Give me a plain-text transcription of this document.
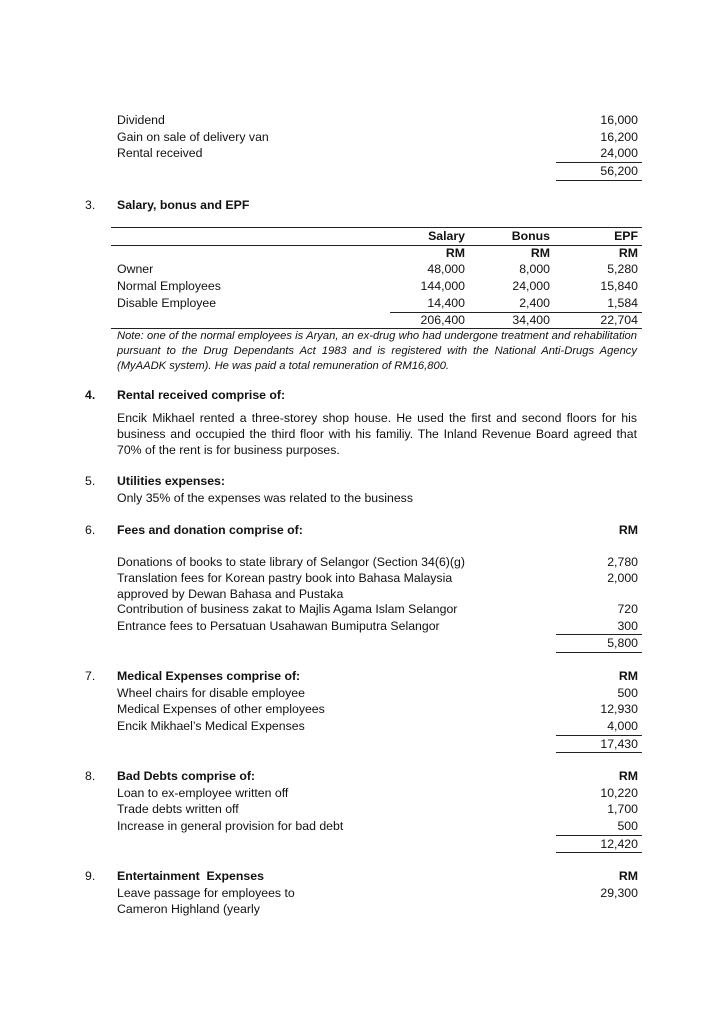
Dividend	16,000
Gain on sale of delivery van	16,200
Rental received	24,000
56,200
3. Salary, bonus and EPF
Salary	Bonus	EPF
RM	RM	RM
Owner	48,000	8,000	5,280
Normal Employees	144,000	24,000	15,840
Disable Employee	14,400	2,400	1,584
206,400	34,400	22,704
Note: one of the normal employees is Aryan, an ex-drug who had undergone treatment and rehabilitation pursuant to the Drug Dependants Act 1983 and is registered with the National Anti-Drugs Agency (MyAADK system). He was paid a total remuneration of RM16,800.
4. Rental received comprise of:
Encik Mikhael rented a three-storey shop house. He used the first and second floors for his business and occupied the third floor with his familiy. The Inland Revenue Board agreed that 70% of the rent is for business purposes.
5. Utilities expenses:
Only 35% of the expenses was related to the business
6. Fees and donation comprise of:	RM
Donations of books to state library of Selangor (Section 34(6)(g)	2,780
Translation fees for Korean pastry book into Bahasa Malaysia	2,000
approved by Dewan Bahasa and Pustaka
Contribution of business zakat to Majlis Agama Islam Selangor	720
Entrance fees to Persatuan Usahawan Bumiputra Selangor	300
5,800
7. Medical Expenses comprise of:	RM
Wheel chairs for disable employee	500
Medical Expenses of other employees	12,930
Encik Mikhael’s Medical Expenses	4,000
17,430
8. Bad Debts comprise of:	RM
Loan to ex-employee written off	10,220
Trade debts written off	1,700
Increase in general provision for bad debt	500
12,420
9. Entertainment  Expenses	RM
Leave passage for employees to	29,300
Cameron Highland (yearly
